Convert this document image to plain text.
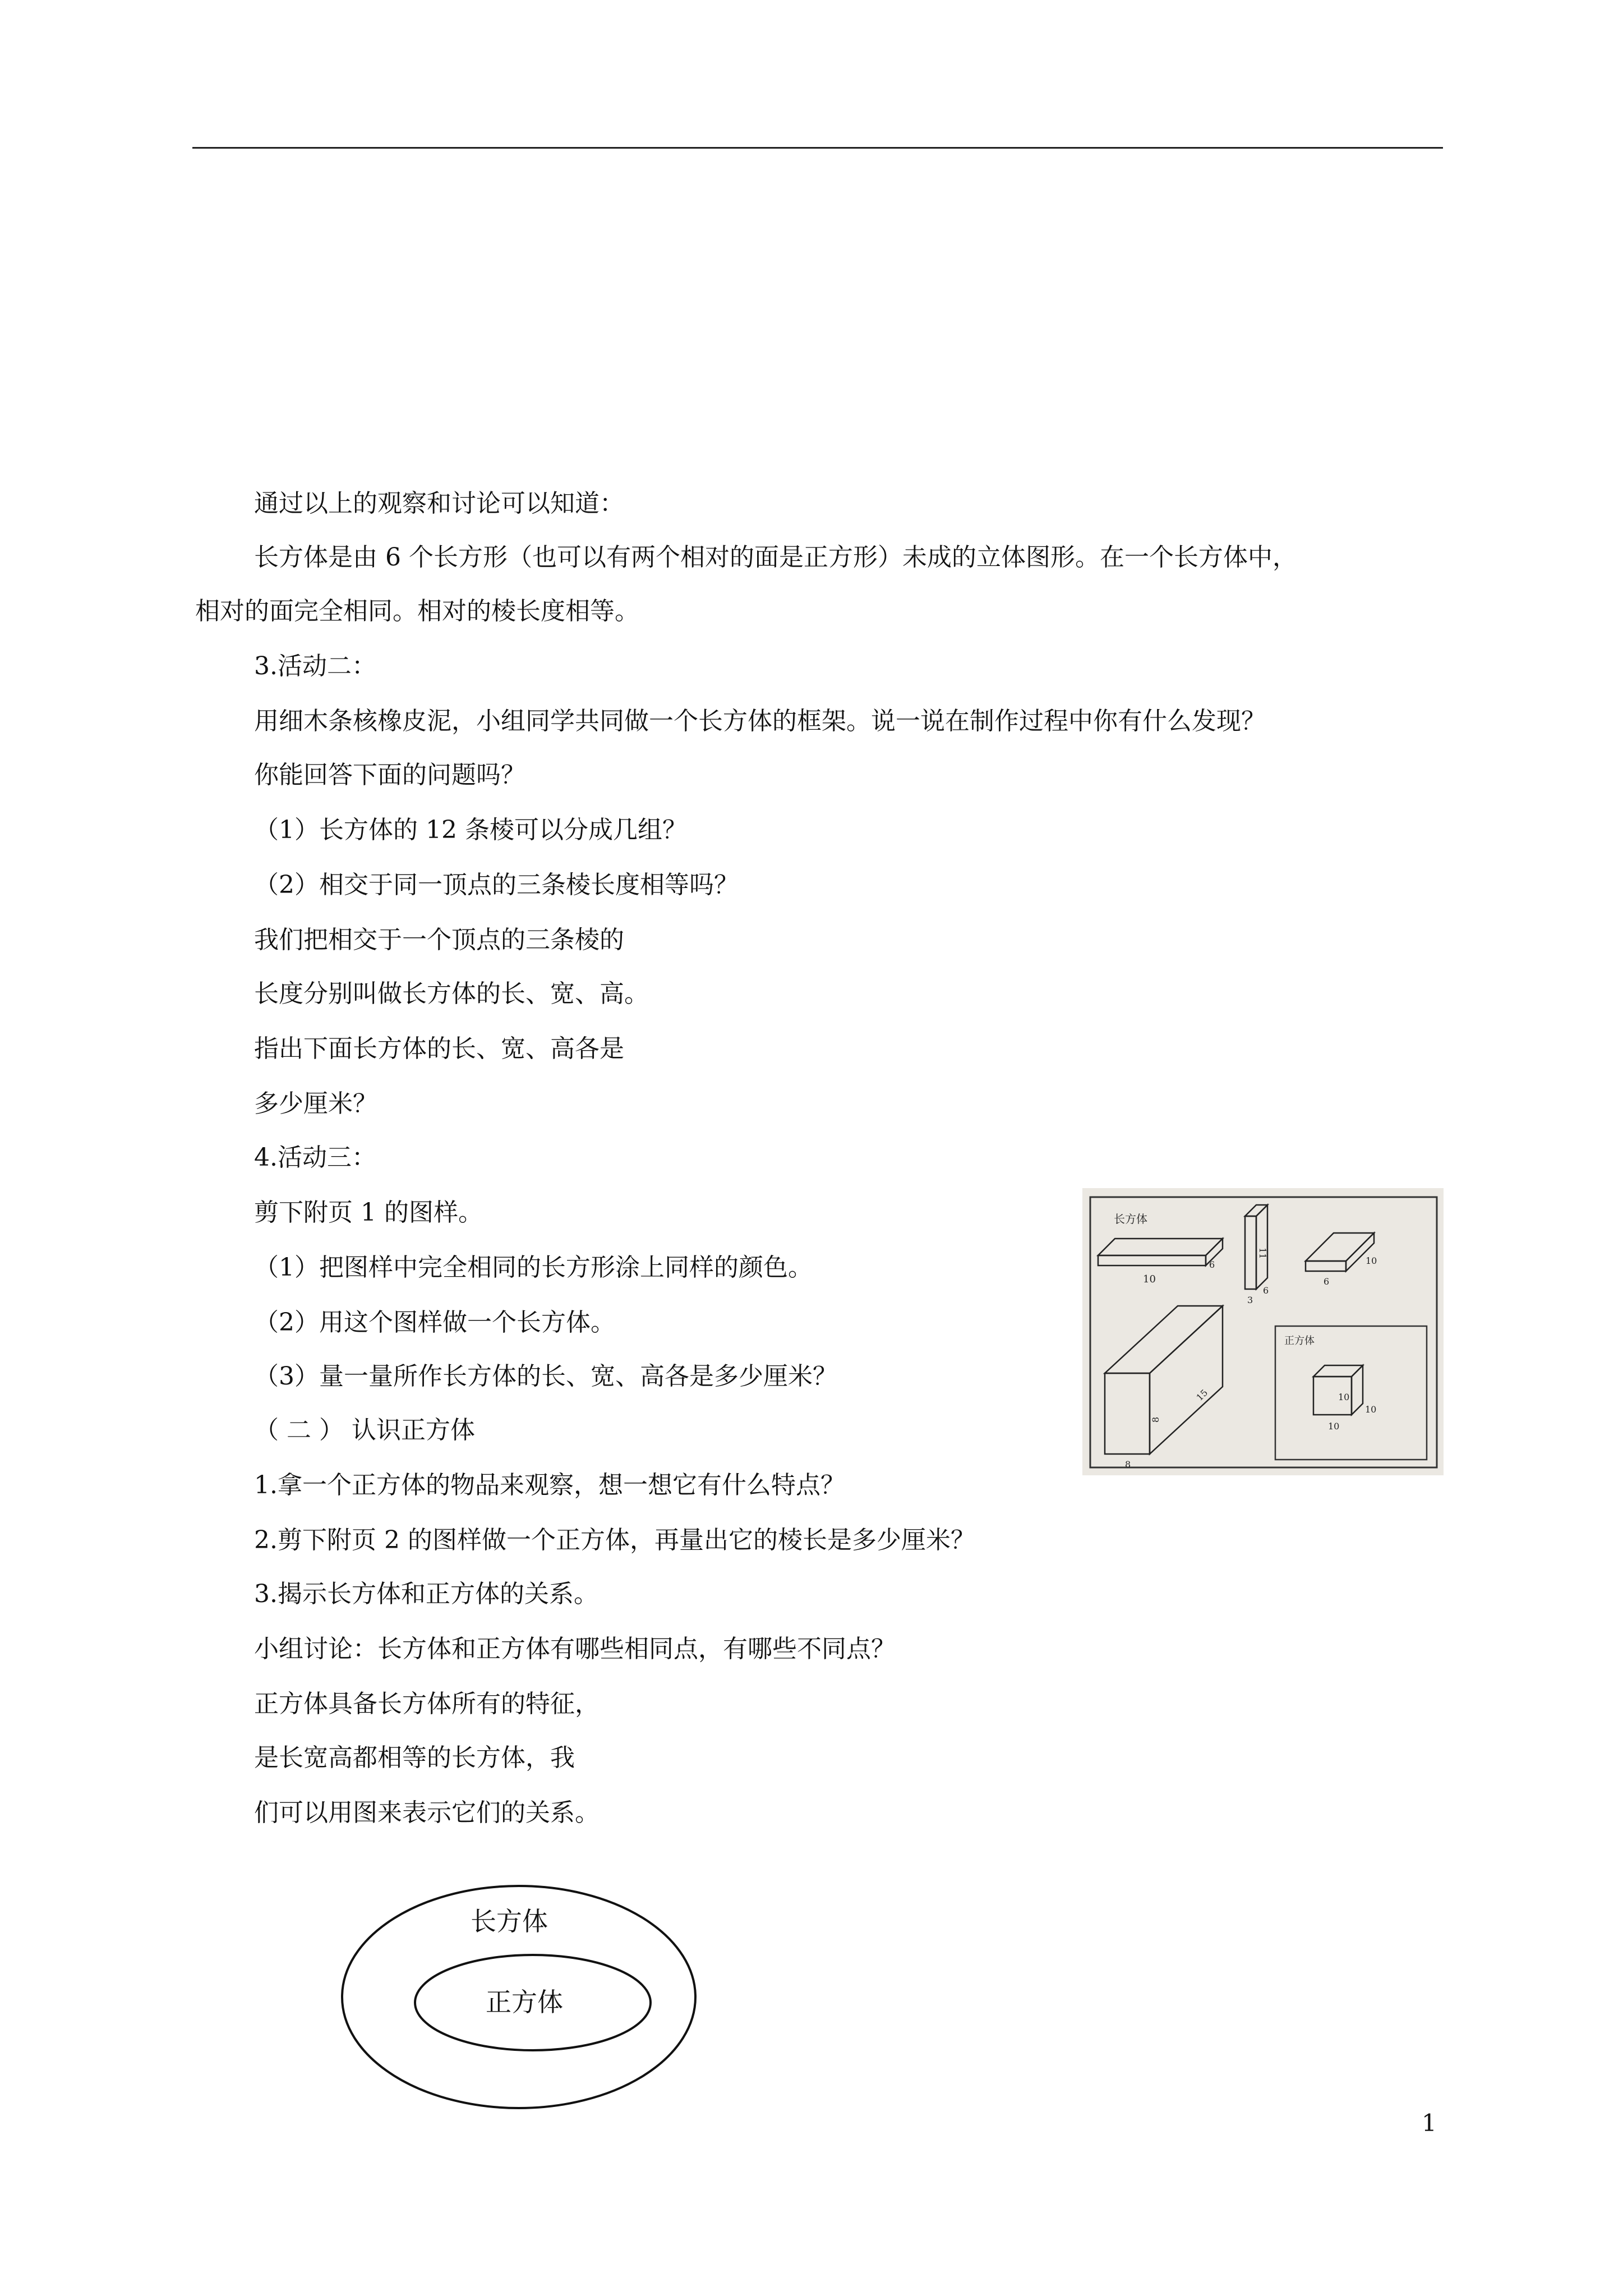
通过以上的观察和讨论可以知道：
长方体是由 6 个长方形（也可以有两个相对的面是正方形）未成的立体图形。在一个长方体中，
相对的面完全相同。相对的棱长度相等。
3.活动二：
用细木条核橡皮泥，小组同学共同做一个长方体的框架。说一说在制作过程中你有什么发现？
你能回答下面的问题吗？
（1）长方体的 12 条棱可以分成几组？
（2）相交于同一顶点的三条棱长度相等吗？
我们把相交于一个顶点的三条棱的
长度分别叫做长方体的长、宽、高。
指出下面长方体的长、宽、高各是
多少厘米？
4.活动三：
剪下附页 1 的图样。
（1）把图样中完全相同的长方形涂上同样的颜色。
（2）用这个图样做一个长方体。
（3）量一量所作长方体的长、宽、高各是多少厘米？
（ 二 ） 认识正方体
1.拿一个正方体的物品来观察，想一想它有什么特点？
2.剪下附页 2 的图样做一个正方体，再量出它的棱长是多少厘米？
3.揭示长方体和正方体的关系。
小组讨论：长方体和正方体有哪些相同点，有哪些不同点？
正方体具备长方体所有的特征，
是长宽高都相等的长方体，我
们可以用图来表示它们的关系。
长方体
10
6
11
3
6
6
10
8
15
8
正方体
10
10
10
长方体
正方体
1
